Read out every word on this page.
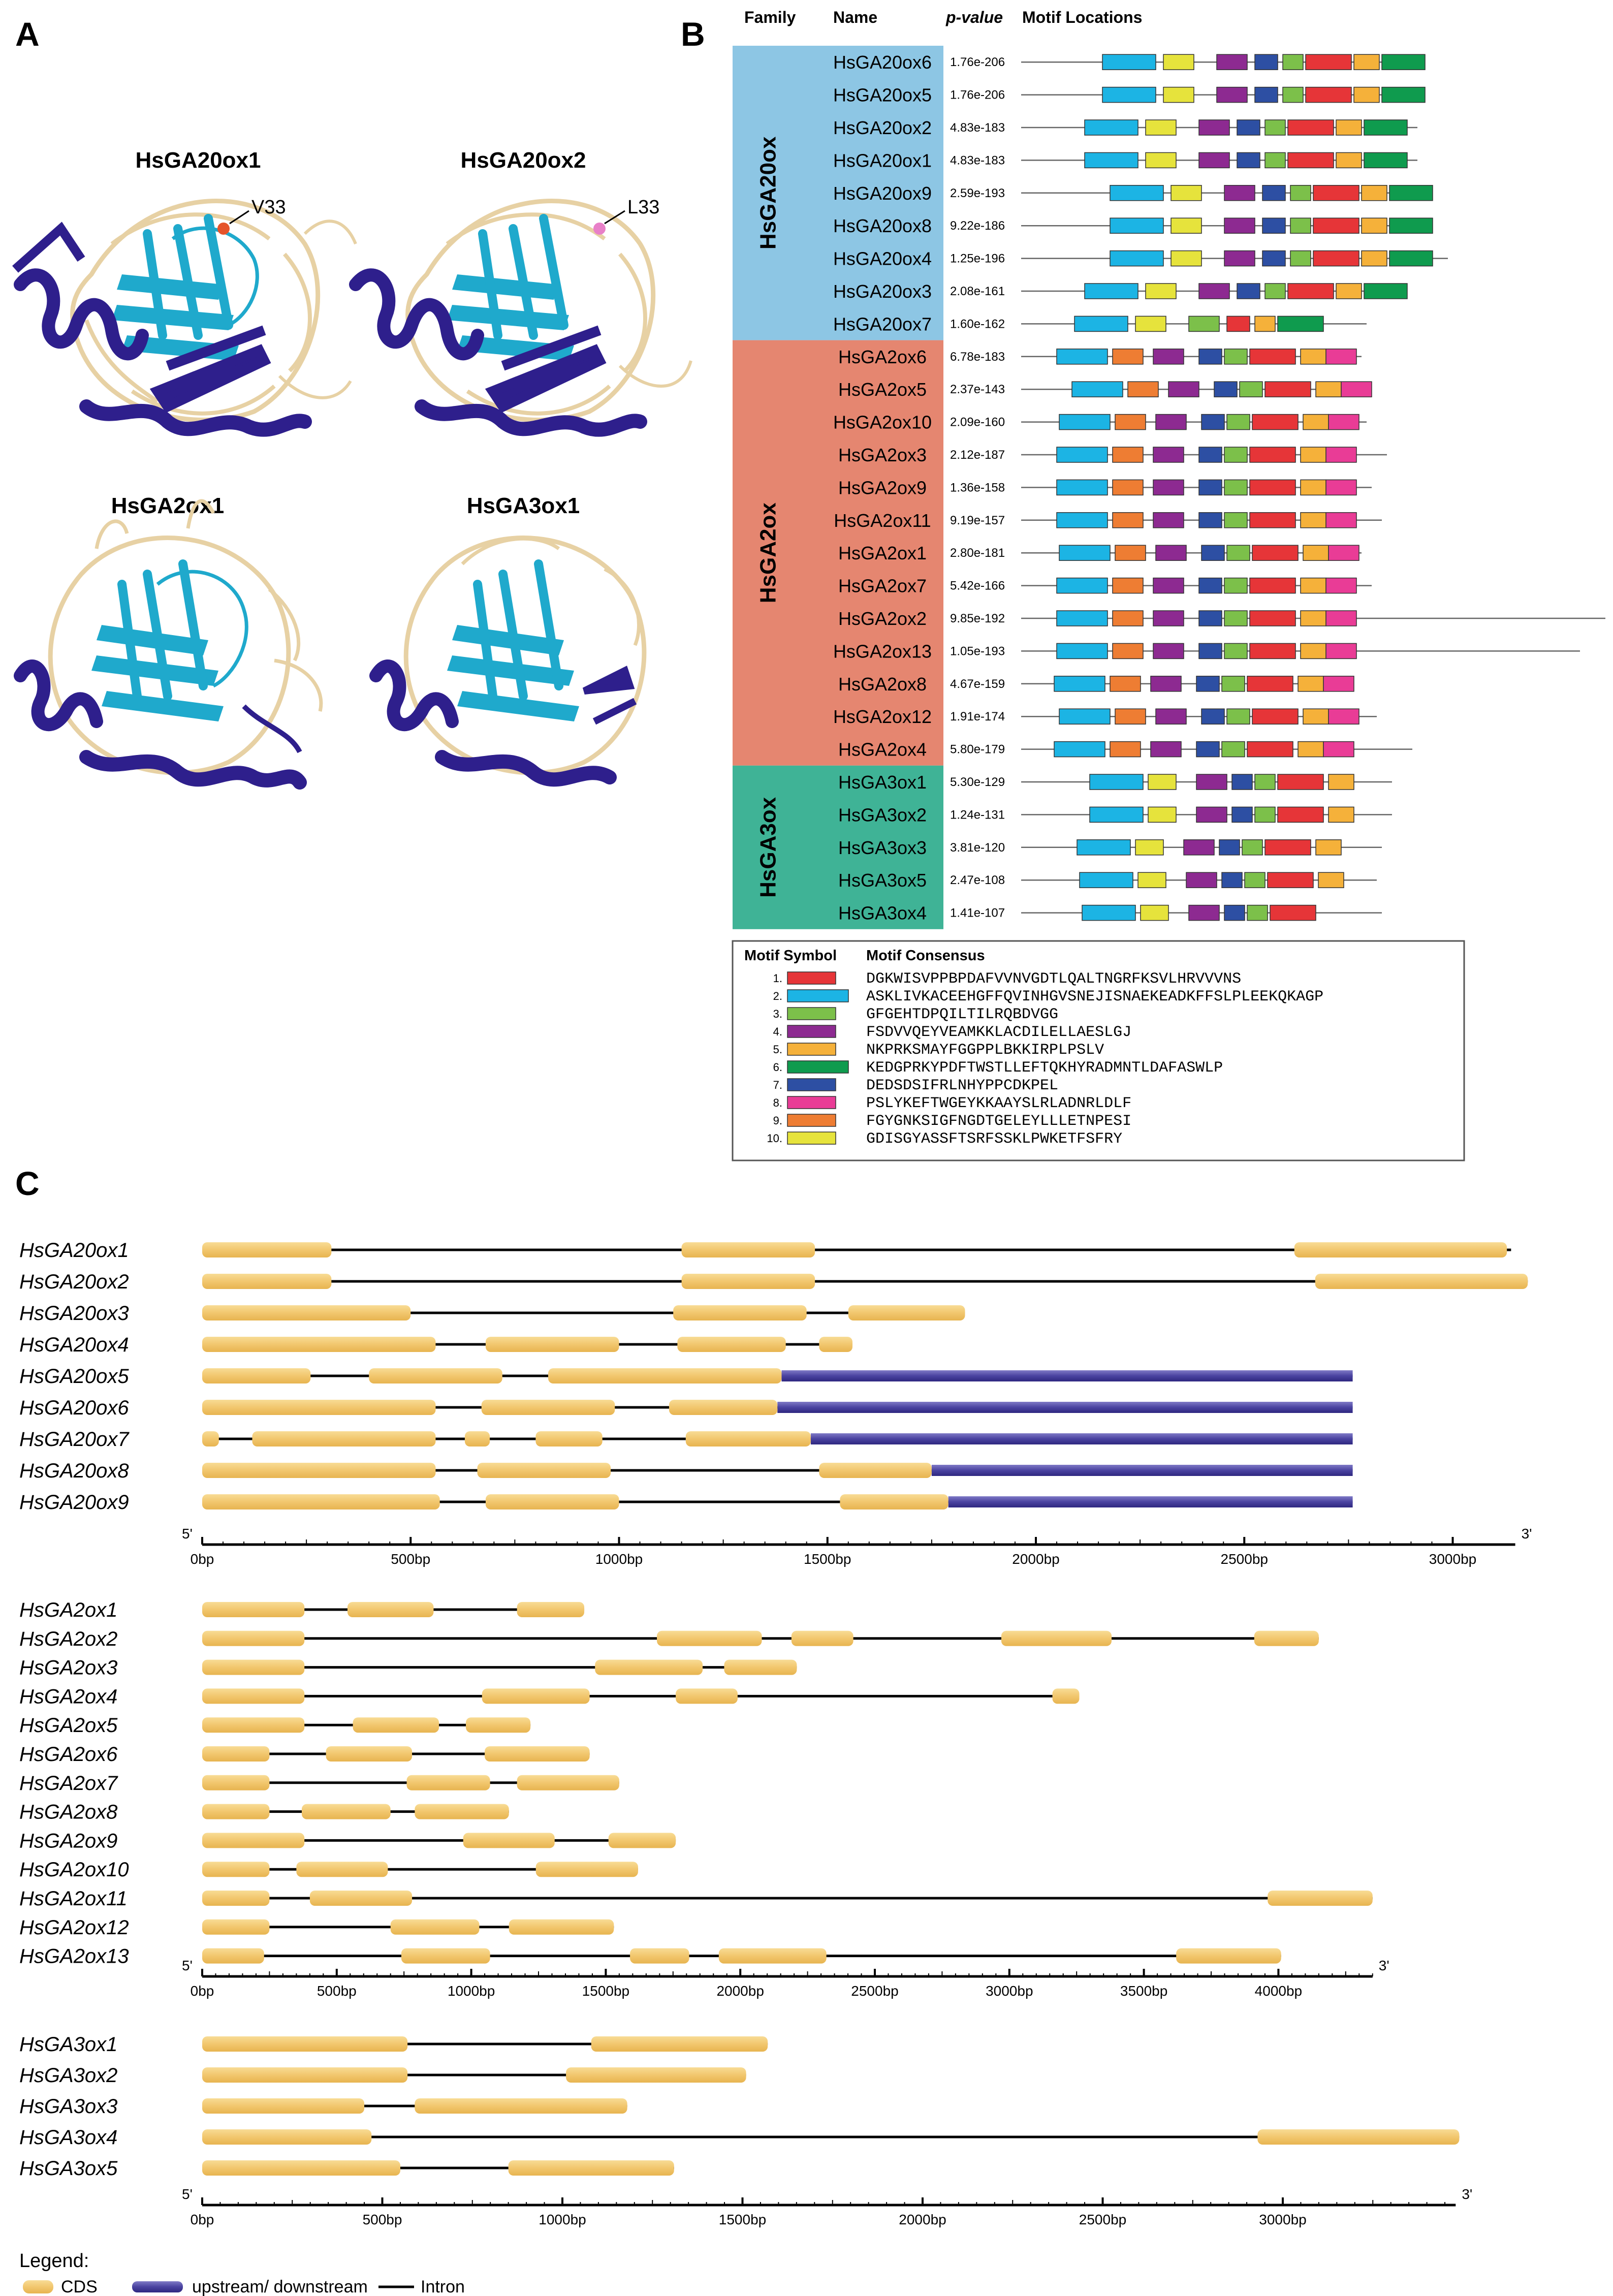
A	B
C
HsGA20ox1	HsGA20ox2
HsGA2ox1	HsGA3ox1
V33	L33
Family Name	p-value Motif Locations
HsGA20ox
HsGA20ox6 1.76e-206
HsGA20ox5 1.76e-206
HsGA20ox2 4.83e-183
HsGA20ox1 4.83e-183
HsGA20ox9 2.59e-193
HsGA20ox8 9.22e-186
HsGA20ox4 1.25e-196
HsGA20ox3 2.08e-161
HsGA20ox7 1.60e-162
HsGA2ox
HsGA2ox6 6.78e-183
HsGA2ox5 2.37e-143
HsGA2ox10 2.09e-160
HsGA2ox3 2.12e-187
HsGA2ox9 1.36e-158
HsGA2ox11 9.19e-157
HsGA2ox1 2.80e-181
HsGA2ox7 5.42e-166
HsGA2ox2 9.85e-192
HsGA2ox13 1.05e-193
HsGA2ox8 4.67e-159
HsGA2ox12 1.91e-174
HsGA2ox4 5.80e-179
HsGA3ox
HsGA3ox1 5.30e-129
HsGA3ox2 1.24e-131
HsGA3ox3 3.81e-120
HsGA3ox5 2.47e-108
HsGA3ox4 1.41e-107
Motif Symbol Motif Consensus
1.	DGKWISVPPBPDAFVVNVGDTLQALTNGRFKSVLHRVVVNS
2.	ASKLIVKACEEHGFFQVINHGVSNEJISNAEKEADKFFSLPLEEKQKAGP
3.	GFGEHTDPQILTILRQBDVGG
4.	FSDVVQEYVEAMKKLACDILELLAESLGJ
5.	NKPRKSMAYFGGPPLBKKIRPLPSLV
6.	KEDGPRKYPDFTWSTLLEFTQKHYRADMNTLDAFASWLP
7.	DEDSDSIFRLNHYPPCDKPEL
8.	PSLYKEFTWGEYKKAAYSLRLADNRLDLF
9.	FGYGNKSIGFNGDTGELEYLLLETNPESI
10.	GDISGYASSFTSRFSSKLPWKETFSFRY
HsGA20ox1
HsGA20ox2
HsGA20ox3
HsGA20ox4
HsGA20ox5
HsGA20ox6
HsGA20ox7
HsGA20ox8
HsGA20ox9
5'	3'
0bp	500bp	1000bp	1500bp	2000bp	2500bp	3000bp
HsGA2ox1
HsGA2ox2
HsGA2ox3
HsGA2ox4
HsGA2ox5
HsGA2ox6
HsGA2ox7
HsGA2ox8
HsGA2ox9
HsGA2ox10
HsGA2ox11
HsGA2ox12
HsGA2ox13	5'	3'
0bp	500bp	1000bp	1500bp	2000bp	2500bp	3000bp	3500bp	4000bp
HsGA3ox1
HsGA3ox2
HsGA3ox3
HsGA3ox4
HsGA3ox5
5'	3'
0bp	500bp	1000bp	1500bp	2000bp	2500bp	3000bp
Legend:
CDS	upstream/ downstream	Intron
